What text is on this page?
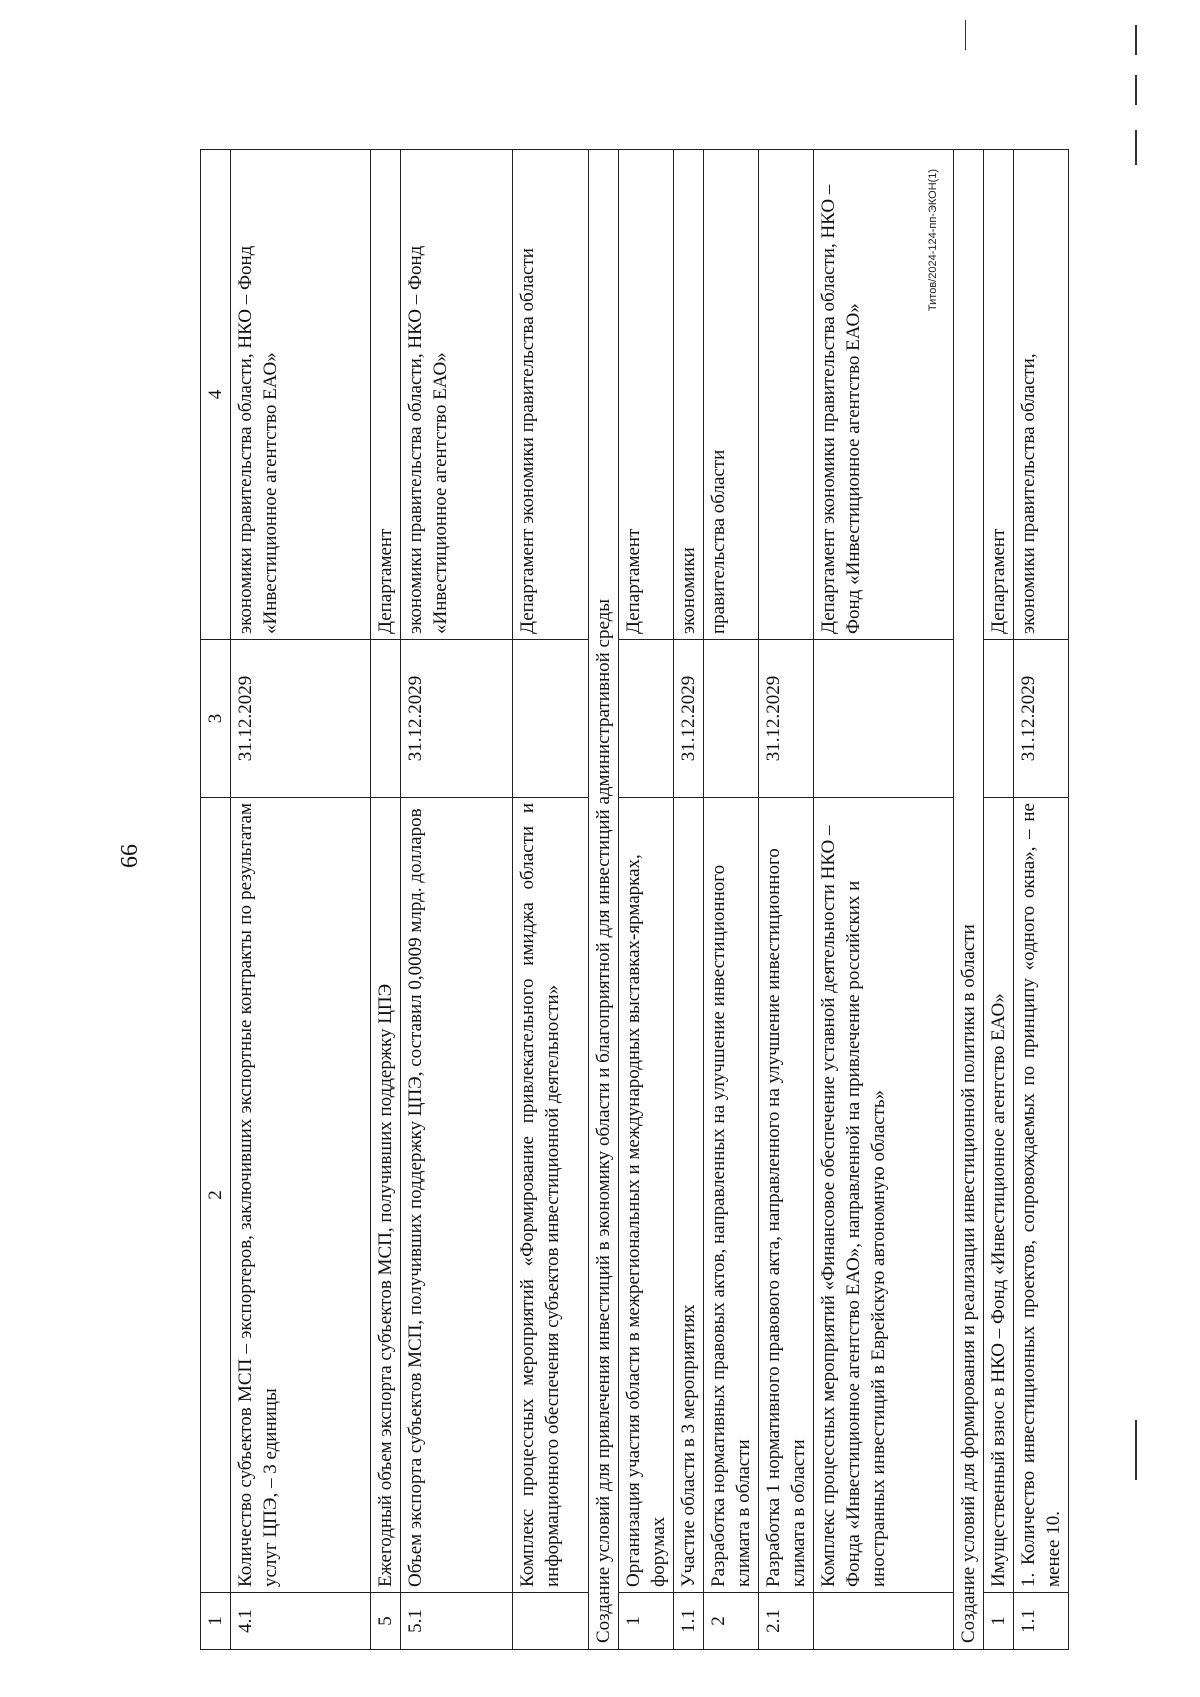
66
Титов/2024-124-пп-ЭКОН(1)
1	2	3	4
4.1	Количество субъектов МСП – экспортеров, заключивших экспортные контракты по результатам услуг ЦПЭ, – 3 единицы	31.12.2029	экономики правительства области, НКО – Фонд «Инвестиционное агентство ЕАО»
5	Ежегодный объем экспорта субъектов МСП, получивших поддержку ЦПЭ		Департамент
5.1	Объем экспорта субъектов МСП, получивших поддержку ЦПЭ, составил 0,0009 млрд. долларов	31.12.2029	экономики правительства области, НКО – Фонд «Инвестиционное агентство ЕАО»
	Комплекс процессных мероприятий «Формирование привлекательного имиджа области и информационного обеспечения субъектов инвестиционной деятельности»		Департамент экономики правительства области
Создание условий для привлечения инвестиций в экономику области и благоприятной для инвестиций административной среды			
1	Организация участия области в межрегиональных и международных выставках-ярмарках, форумах		Департамент
1.1	Участие области в 3 мероприятиях	31.12.2029	экономики
2	Разработка нормативных правовых актов, направленных на улучшение инвестиционного климата в области		правительства области
2.1	Разработка 1 нормативного правового акта, направленного на улучшение инвестиционного климата в области	31.12.2029	
	Комплекс процессных мероприятий «Финансовое обеспечение уставной деятельности НКО – Фонда «Инвестиционное агентство ЕАО», направленной на привлечение российских и иностранных инвестиций в Еврейскую автономную область»		Департамент экономики правительства области, НКО – Фонд «Инвестиционное агентство ЕАО»
Создание условий для формирования и реализации инвестиционной политики в области			
1	Имущественный взнос в НКО – Фонд «Инвестиционное агентство ЕАО»		Департамент
1.1	1. Количество инвестиционных проектов, сопровождаемых по принципу «одного окна», – не менее 10.	31.12.2029	экономики правительства области,
